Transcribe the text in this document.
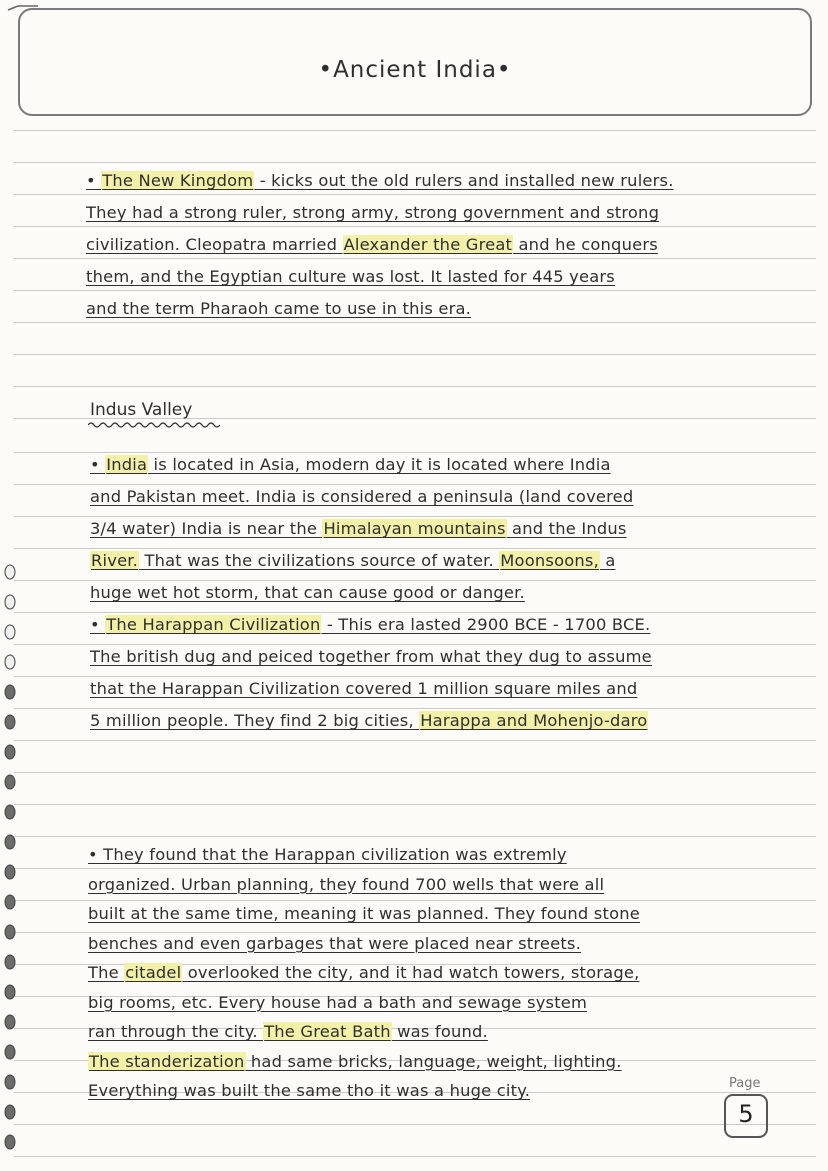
•Ancient India•
• The New Kingdom - kicks out the old rulers and installed new rulers.
They had a strong ruler, strong army, strong government and strong
civilization. Cleopatra married Alexander the Great and he conquers
them, and the Egyptian culture was lost. It lasted for 445 years
and the term Pharaoh came to use in this era.
Indus Valley
• India is located in Asia, modern day it is located where India
and Pakistan meet. India is considered a peninsula (land covered
3/4 water) India is near the Himalayan mountains and the Indus
River. That was the civilizations source of water. Moonsoons, a
huge wet hot storm, that can cause good or danger.
• The Harappan Civilization - This era lasted 2900 BCE - 1700 BCE.
The british dug and peiced together from what they dug to assume
that the Harappan Civilization covered 1 million square miles and
5 million people. They find 2 big cities, Harappa and Mohenjo-daro
• They found that the Harappan civilization was extremly
organized. Urban planning, they found 700 wells that were all
built at the same time, meaning it was planned. They found stone
benches and even garbages that were placed near streets.
The citadel overlooked the city, and it had watch towers, storage,
big rooms, etc. Every house had a bath and sewage system
ran through the city. The Great Bath was found.
The standerization had same bricks, language, weight, lighting.
Everything was built the same tho it was a huge city.	Page
5
